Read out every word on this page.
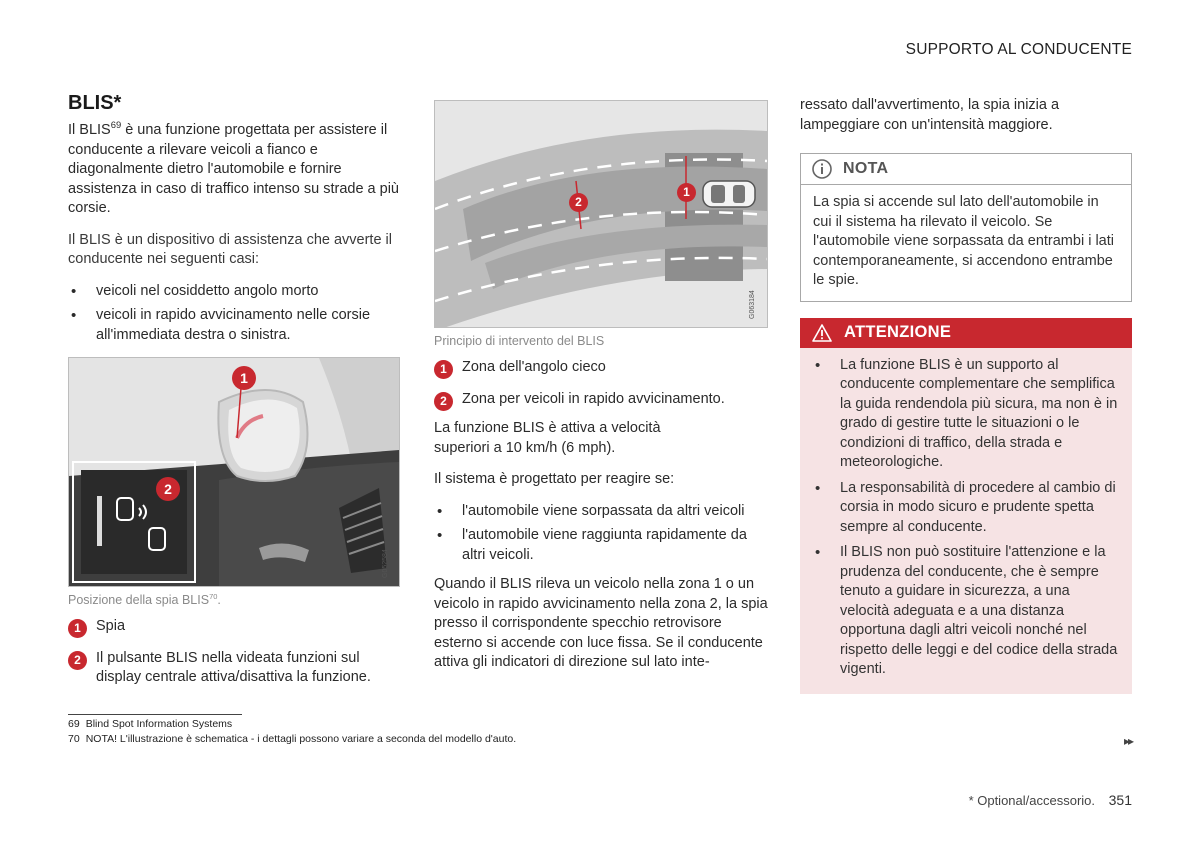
SUPPORTO AL CONDUCENTE
BLIS*

Il BLIS$^{69}$ è una funzione progettata per assistere il conducente a rilevare veicoli a fianco e diagonalmente dietro l'automobile e fornire assistenza in caso di traffico intenso su strade a più corsie.

Il BLIS è un dispositivo di assistenza che avverte il conducente nei seguenti casi:

• veicoli nel cosiddetto angolo morto
• veicoli in rapido avvicinamento nelle corsie all'immediata destra o sinistra.
1
2
G052584
Posizione della spia BLIS$^{70}$.
1	Spia
2	Il pulsante BLIS nella videata funzioni sul display centrale attiva/disattiva la funzione.
1
2
G063184
Principio di intervento del BLIS
1	Zona dell'angolo cieco
2	Zona per veicoli in rapido avvicinamento.

La funzione BLIS è attiva a velocità superiori a 10 km/h (6 mph).

Il sistema è progettato per reagire se:

• l'automobile viene sorpassata da altri veicoli
• l'automobile viene raggiunta rapidamente da altri veicoli.

Quando il BLIS rileva un veicolo nella zona 1 o un veicolo in rapido avvicinamento nella zona 2, la spia presso il corrispondente specchio retrovisore esterno si accende con luce fissa. Se il conducente attiva gli indicatori di direzione sul lato inte-

ressato dall'avvertimento, la spia inizia a lampeggiare con un'intensità maggiore.

NOTA
La spia si accende sul lato dell'automobile in cui il sistema ha rilevato il veicolo. Se l'automobile viene sorpassata da entrambi i lati contemporaneamente, si accendono entrambe le spie.
ATTENZIONE
• La funzione BLIS è un supporto al conducente complementare che semplifica la guida rendendola più sicura, ma non è in grado di gestire tutte le situazioni o le condizioni di traffico, della strada e meteorologiche.
• La responsabilità di procedere al cambio di corsia in modo sicuro e prudente spetta sempre al conducente.
• Il BLIS non può sostituire l'attenzione e la prudenza del conducente, che è sempre tenuto a guidare in sicurezza, a una velocità adeguata e a una distanza opportuna dagli altri veicoli nonché nel rispetto delle leggi e del codice della strada vigenti.
69 Blind Spot Information Systems
70 NOTA! L'illustrazione è schematica - i dettagli possono variare a seconda del modello d'auto.	▸▸
* Optional/accessorio. 351
